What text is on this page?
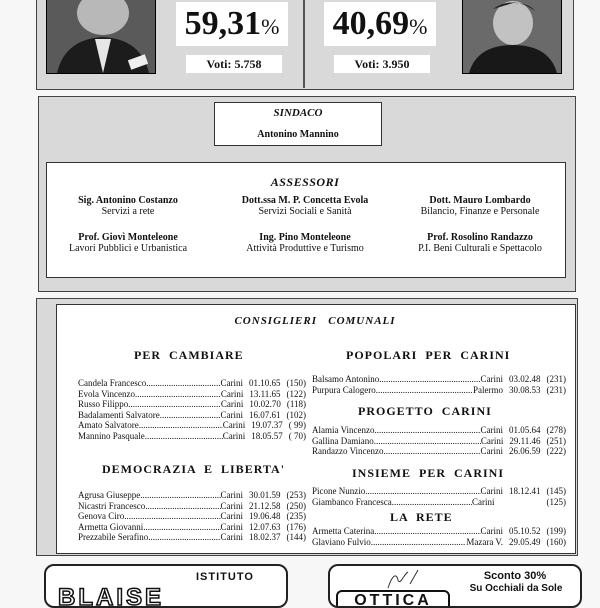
59,31%
Voti: 5.758
40,69%
Voti: 3.950
SINDACO
Antonino Mannino
ASSESSORI
Sig. Antonino Costanzo
Servizi a rete
Dott.ssa M. P. Concetta Evola
Servizi Sociali e Sanità
Dott. Mauro Lombardo
Bilancio, Finanze e Personale
Prof. Giovì Monteleone
Lavori Pubblici e Urbanistica
Ing. Pino Monteleone
Attività Produttive e Turismo
Prof. Rosolino Randazzo
P.I. Beni Culturali e Spettacolo
CONSIGLIERI   COMUNALI
PER  CAMBIARE
Candela Francesco .....	Carini 01.10.65 (150)
Evola Vincenzo .....	Carini 13.11.65 (122)
Russo Filippo .....	Carini 10.02.70 (118)
Badalamenti Salvatore .....	Carini 16.07.61 (102)
Amato Salvatore .....	Carini 19.07.37 ( 99)
Mannino Pasquale .....	Carini 18.05.57 ( 70)
DEMOCRAZIA  E  LIBERTA'
Agrusa Giuseppe .....	Carini 30.01.59 (253)
Nicastri Francesco .....	Carini 21.12.58 (250)
Genova Ciro .....	Carini 19.06.48 (235)
Armetta Giovanni .....	Carini 12.07.63 (176)
Prezzabile Serafino .....	Carini 18.02.37 (144)
POPOLARI  PER  CARINI
Balsamo Antonino .....	Carini 03.02.48 (231)
Purpura Calogero .....	Palermo 30.08.53 (231)
PROGETTO  CARINI
Alamia Vincenzo .....	Carini 01.05.64 (278)
Gallina Damiano .....	Carini 29.11.46 (251)
Randazzo Vincenzo .....	Carini 26.06.59 (222)
INSIEME  PER  CARINI
Picone Nunzio .....	Carini 18.12.41 (145)
Giambanco Francesca .....	Carini	(125)
LA  RETE
Armetta Caterina .....	Carini 05.10.52 (199)
Glaviano Fulvio .....	Mazara V. 29.05.49 (160)
ISTITUTO
BLAISE
Sconto 30%
Su Occhiali da Sole
OTTICA
